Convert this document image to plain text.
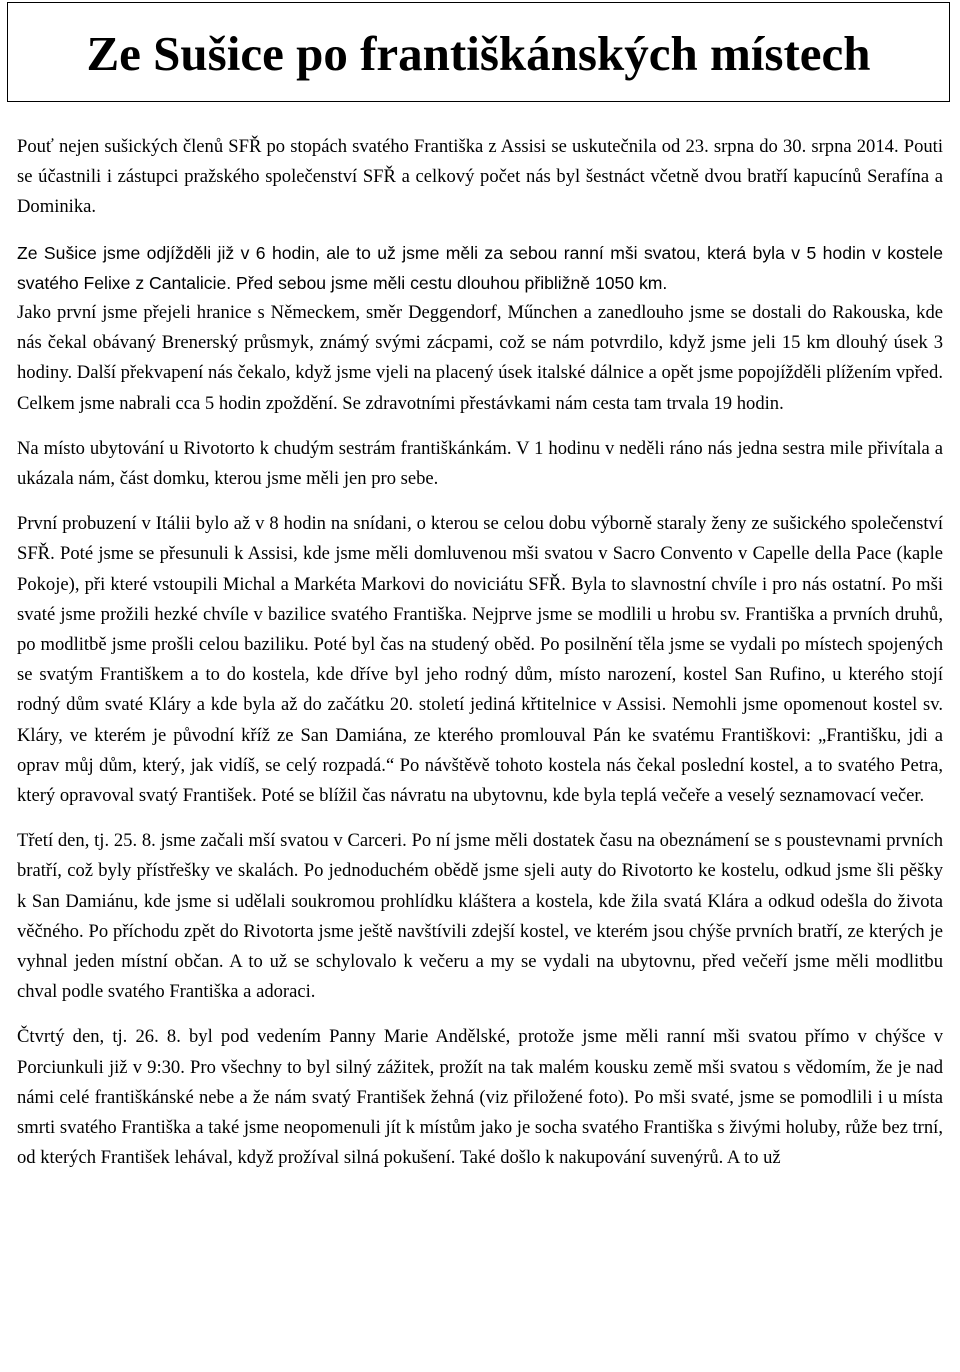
Ze Sušice po františkánských místech

Pouť nejen sušických členů SFŘ po stopách svatého Františka z Assisi se uskutečnila od 23. srpna do 30. srpna 2014. Pouti se účastnili i zástupci pražského společenství SFŘ a celkový počet nás byl šestnáct včetně dvou bratří kapucínů Serafína a Dominika.

Ze Sušice jsme odjížděli již v 6 hodin, ale to už jsme měli za sebou ranní mši svatou, která byla v 5 hodin v kostele svatého Felixe z Cantalicie. Před sebou jsme měli cestu dlouhou přibližně 1050 km.

Jako první jsme přejeli hranice s Německem, směr Deggendorf, Műnchen a zanedlouho jsme se dostali do Rakouska, kde nás čekal obávaný Brenerský průsmyk, známý svými zácpami, což se nám potvrdilo, když jsme jeli 15 km dlouhý úsek 3 hodiny. Další překvapení nás čekalo, když jsme vjeli na placený úsek italské dálnice a opět jsme popojížděli plížením vpřed. Celkem jsme nabrali cca 5 hodin zpoždění. Se zdravotními přestávkami nám cesta tam trvala 19 hodin.

Na místo ubytování u Rivotorto k chudým sestrám františkánkám. V 1 hodinu v neděli ráno nás jedna sestra mile přivítala a ukázala nám, část domku, kterou jsme měli jen pro sebe.

První probuzení v Itálii bylo až v 8 hodin na snídani, o kterou se celou dobu výborně staraly ženy ze sušického společenství SFŘ. Poté jsme se přesunuli k Assisi, kde jsme měli domluvenou mši svatou v Sacro Convento v Capelle della Pace (kaple Pokoje), při které vstoupili Michal a Markéta Markovi do noviciátu SFŘ. Byla to slavnostní chvíle i pro nás ostatní. Po mši svaté jsme prožili hezké chvíle v bazilice svatého Františka. Nejprve jsme se modlili u hrobu sv. Františka a prvních druhů, po modlitbě jsme prošli celou baziliku. Poté byl čas na studený oběd. Po posilnění těla jsme se vydali po místech spojených se svatým Františkem a to do kostela, kde dříve byl jeho rodný dům, místo narození, kostel San Rufino, u kterého stojí rodný dům svaté Kláry a kde byla až do začátku 20. století jediná křtitelnice v Assisi. Nemohli jsme opomenout kostel sv. Kláry, ve kterém je původní kříž ze San Damiána, ze kterého promlouval Pán ke svatému Františkovi: „Františku, jdi a oprav můj dům, který, jak vidíš, se celý rozpadá.“ Po návštěvě tohoto kostela nás čekal poslední kostel, a to svatého Petra, který opravoval svatý František. Poté se blížil čas návratu na ubytovnu, kde byla teplá večeře a veselý seznamovací večer.

Třetí den, tj. 25. 8. jsme začali mší svatou v Carceri. Po ní jsme měli dostatek času na obeznámení se s poustevnami prvních bratří, což byly přístřešky ve skalách. Po jednoduchém obědě jsme sjeli auty do Rivotorto ke kostelu, odkud jsme šli pěšky k San Damiánu, kde jsme si udělali soukromou prohlídku kláštera a kostela, kde žila svatá Klára a odkud odešla do života věčného. Po příchodu zpět do Rivotorta jsme ještě navštívili zdejší kostel, ve kterém jsou chýše prvních bratří, ze kterých je vyhnal jeden místní občan. A to už se schylovalo k večeru a my se vydali na ubytovnu, před večeří jsme měli modlitbu chval podle svatého Františka a adoraci.

Čtvrtý den, tj. 26. 8. byl pod vedením Panny Marie Andělské, protože jsme měli ranní mši svatou přímo v chýšce v Porciunkuli již v 9:30. Pro všechny to byl silný zážitek, prožít na tak malém kousku země mši svatou s vědomím, že je nad námi celé františkánské nebe a že nám svatý František žehná (viz přiložené foto). Po mši svaté, jsme se pomodlili i u místa smrti svatého Františka a také jsme neopomenuli jít k místům jako je socha svatého Františka s živými holuby, růže bez trní, od kterých František lehával, když prožíval silná pokušení. Také došlo k nakupování suvenýrů. A to už
